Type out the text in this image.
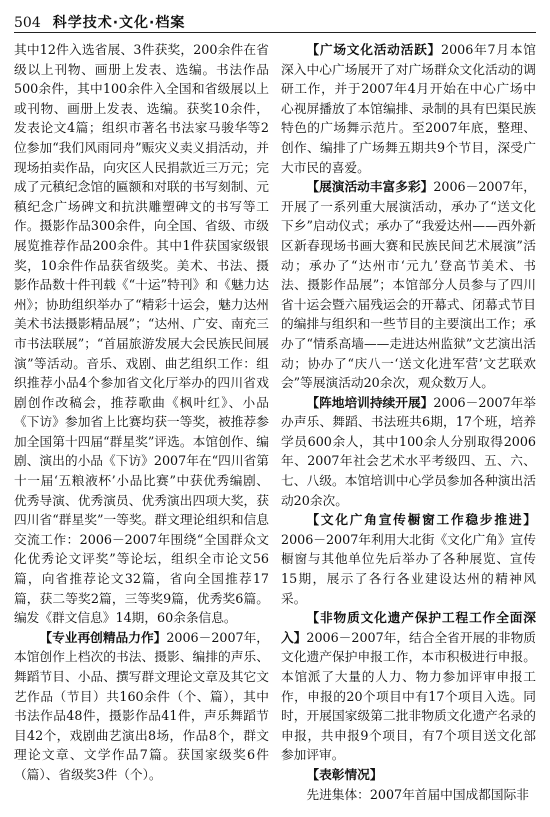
504 科学技术·文化·档案

其中12件入选省展、3件获奖，200余件在省级以上刊物、画册上发表、选编。书法作品500余件，其中100余件入全国和省级展以上或刊物、画册上发表、选编。获奖10余件，发表论文4篇；组织市著名书法家马骏华等2位参加“我们风雨同舟”赈灾义卖义捐活动，并现场拍卖作品，向灾区人民捐款近三万元；完成了元稹纪念馆的匾额和对联的书写刻制、元稹纪念广场碑文和抗洪雕塑碑文的书写等工作。摄影作品300余件，向全国、省级、市级展览推荐作品200余件。其中1件获国家级银奖，10余件作品获省级奖。美术、书法、摄影作品数十件刊载《“十运”特刊》和《魅力达州》；协助组织举办了“精彩十运会，魅力达州美术书法摄影精品展”；“达州、广安、南充三市书法联展”；“首届旅游发展大会民族民间展演”等活动。音乐、戏剧、曲艺组织工作：组织推荐小品4个参加省文化厅举办的四川省戏剧创作改稿会，推荐歌曲《枫叶红》、小品《下访》参加省上比赛均获一等奖，被推荐参加全国第十四届“群星奖”评选。本馆创作、编剧、演出的小品《下访》2007年在“四川省第十一届‘五粮液杯’小品比赛”中获优秀编剧、优秀导演、优秀演员、优秀演出四项大奖，获四川省“群星奖”一等奖。群文理论组织和信息交流工作：2006－2007年围绕“全国群众文化优秀论文评奖”等论坛，组织全市论文56篇，向省推荐论文32篇，省向全国推荐17篇，获二等奖2篇，三等奖9篇，优秀奖6篇。编发《群文信息》14期，60余条信息。

【专业再创精品力作】2006－2007年，本馆创作上档次的书法、摄影、编排的声乐、舞蹈节目、小品、撰写群文理论文章及其它文艺作品（节目）共160余件（个、篇），其中书法作品48件，摄影作品41件，声乐舞蹈节目42个，戏剧曲艺演出8场，作品8个，群文理论文章、文学作品7篇。获国家级奖6件（篇）、省级奖3件（个）。

【广场文化活动活跃】2006年7月本馆深入中心广场展开了对广场群众文化活动的调研工作，并于2007年4月开始在中心广场中心视屏播放了本馆编排、录制的具有巴渠民族特色的广场舞示范片。至2007年底，整理、创作、编排了广场舞五期共9个节目，深受广大市民的喜爱。

【展演活动丰富多彩】2006－2007年，开展了一系列重大展演活动，承办了“送文化下乡”启动仪式；承办了“我爱达州——西外新区新春现场书画大赛和民族民间艺术展演”活动；承办了“达州市‘元九’登高节美术、书法、摄影作品展”；本馆部分人员参与了四川省十运会暨六届残运会的开幕式、闭幕式节目的编排与组织和一些节目的主要演出工作；承办了“情系高墙——走进达州监狱”文艺演出活动；协办了“庆八一‘送文化进军营’文艺联欢会”等展演活动20余次，观众数万人。

【阵地培训持续开展】2006－2007年举办声乐、舞蹈、书法班共6期，17个班，培养学员600余人，其中100余人分别取得2006年、2007年社会艺术水平考级四、五、六、七、八级。本馆培训中心学员参加各种演出活动20余次。

【文化广角宣传橱窗工作稳步推进】2006－2007年利用大北街《文化广角》宣传橱窗与其他单位先后举办了各种展览、宣传15期，展示了各行各业建设达州的精神风采。

【非物质文化遗产保护工程工作全面深入】2006－2007年，结合全省开展的非物质文化遗产保护申报工作，本市积极进行申报。本馆派了大量的人力、物力参加评审申报工作，申报的20个项目中有17个项目入选。同时，开展国家级第二批非物质文化遗产名录的申报，共申报9个项目，有7个项目送文化部参加评审。

【表彰情况】

先进集体：2007年首届中国成都国际非
